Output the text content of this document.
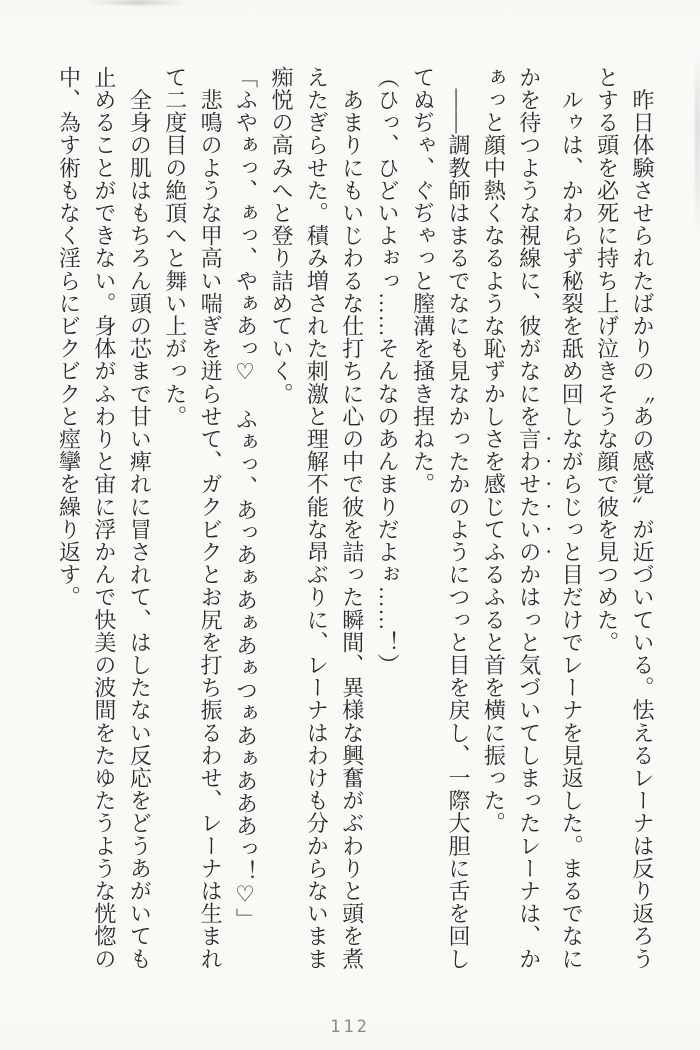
　昨日体験させられたばかりの〝あの感覚〞が近づいている。怯えるレーナは反り返ろう
とする頭を必死に持ち上げ泣きそうな顔で彼を見つめた。
　ルゥは、かわらず秘裂を舐め回しながらじっと目だけでレーナを見返した。まるでなに
かを待つような視線に、彼がなにを言わせたいのかはっと気づいてしまったレーナは、か
ぁっと顔中熱くなるような恥ずかしさを感じてふるふると首を横に振った。
　――調教師はまるでなにも見なかったかのようにつっと目を戻し、一際大胆に舌を回し
てぬぢゃ、ぐぢゃっと膣溝を掻き捏ねた。
（ひっ、ひどいよぉっ……そんなのあんまりだよぉ……！）
　あまりにもいじわるな仕打ちに心の中で彼を詰った瞬間、異様な興奮がぶわりと頭を煮
えたぎらせた。積み増された刺激と理解不能な昂ぶりに、レーナはわけも分からないまま
痴悦の高みへと登り詰めていく。
「ふやぁっ、ぁっ、やぁあっ♡　ふぁっ、あっあぁあぁあぁつぁあぁあああっ！♡」
　悲鳴のような甲高い喘ぎを迸らせて、ガクビクとお尻を打ち振るわせ、レーナは生まれ
て二度目の絶頂へと舞い上がった。
　全身の肌はもちろん頭の芯まで甘い痺れに冒されて、はしたない反応をどうあがいても
止めることができない。身体がふわりと宙に浮かんで快美の波間をたゆたうような恍惚の
中、為す術もなく淫らにビクビクと痙攣を繰り返す。
112
